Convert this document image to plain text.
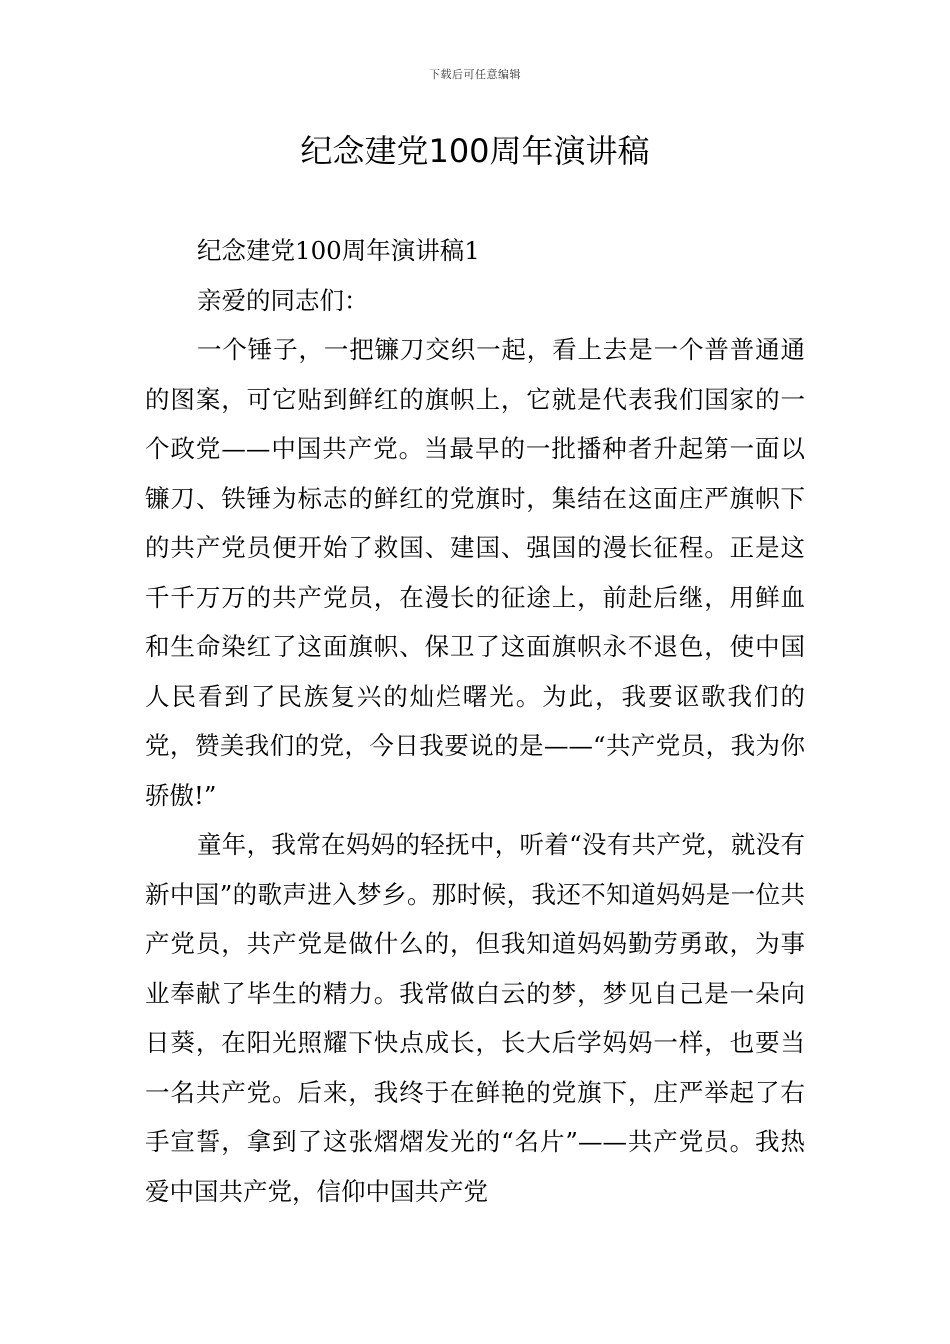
下载后可任意编辑
纪念建党100周年演讲稿

纪念建党100周年演讲稿1

亲爱的同志们：

一个锤子，一把镰刀交织一起，看上去是一个普普通通的图案，可它贴到鲜红的旗帜上，它就是代表我们国家的一个政党——中国共产党。当最早的一批播种者升起第一面以镰刀、铁锤为标志的鲜红的党旗时，集结在这面庄严旗帜下的共产党员便开始了救国、建国、强国的漫长征程。正是这千千万万的共产党员，在漫长的征途上，前赴后继，用鲜血和生命染红了这面旗帜、保卫了这面旗帜永不退色，使中国人民看到了民族复兴的灿烂曙光。为此，我要讴歌我们的党，赞美我们的党，今日我要说的是——“共产党员，我为你骄傲!”

童年，我常在妈妈的轻抚中，听着“没有共产党，就没有新中国”的歌声进入梦乡。那时候，我还不知道妈妈是一位共产党员，共产党是做什么的，但我知道妈妈勤劳勇敢，为事业奉献了毕生的精力。我常做白云的梦，梦见自己是一朵向日葵，在阳光照耀下快点成长，长大后学妈妈一样，也要当一名共产党。后来，我终于在鲜艳的党旗下，庄严举起了右手宣誓，拿到了这张熠熠发光的“名片”——共产党员。我热爱中国共产党，信仰中国共产党
